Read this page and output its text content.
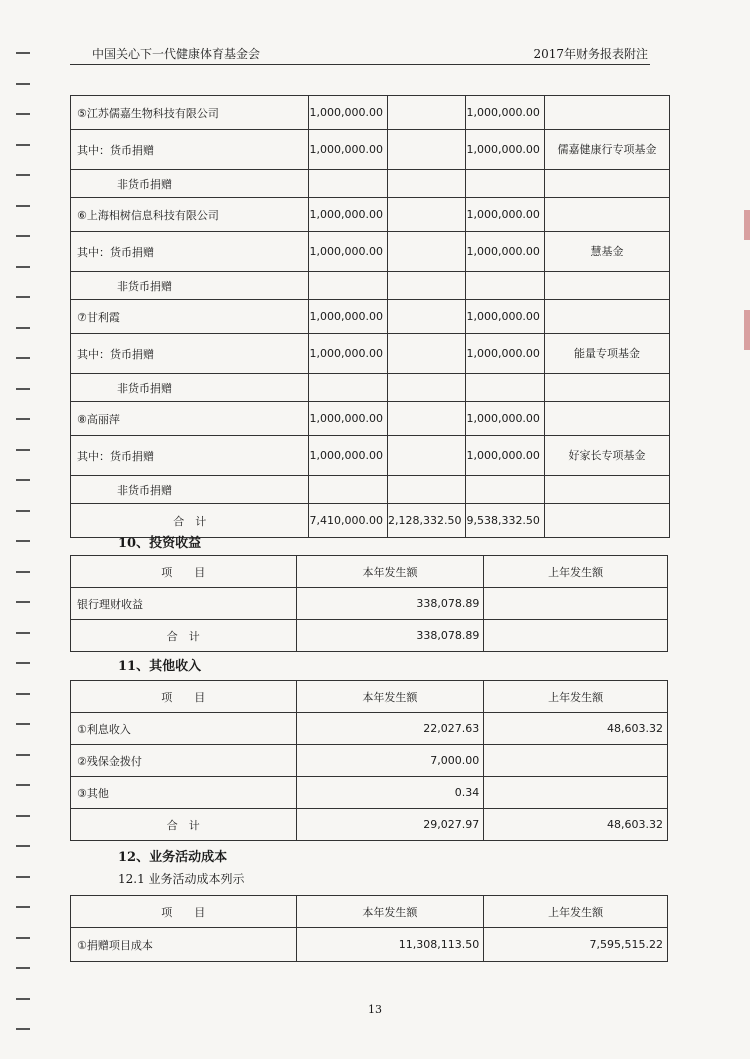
中国关心下一代健康体育基金会	2017年财务报表附注
⑤江苏儒嘉生物科技有限公司	1,000,000.00		1,000,000.00	
其中：货币捐赠	1,000,000.00		1,000,000.00	儒嘉健康行专项基金
非货币捐赠				
⑥上海相树信息科技有限公司	1,000,000.00		1,000,000.00	
其中：货币捐赠	1,000,000.00		1,000,000.00	慧基金
非货币捐赠				
⑦甘利霞	1,000,000.00		1,000,000.00	
其中：货币捐赠	1,000,000.00		1,000,000.00	能量专项基金
非货币捐赠				
⑧高丽萍	1,000,000.00		1,000,000.00	
其中：货币捐赠	1,000,000.00		1,000,000.00	好家长专项基金
非货币捐赠				
合　计	7,410,000.00	2,128,332.50	9,538,332.50	
10、投资收益
项　　目	本年发生额	上年发生额
银行理财收益	338,078.89	
合　计	338,078.89	
11、其他收入
项　　目	本年发生额	上年发生额
①利息收入	22,027.63	48,603.32
②残保金拨付	7,000.00	
③其他	0.34	
合　计	29,027.97	48,603.32
12、业务活动成本
12.1 业务活动成本列示
项　　目	本年发生额	上年发生额
①捐赠项目成本	11,308,113.50	7,595,515.22
13
